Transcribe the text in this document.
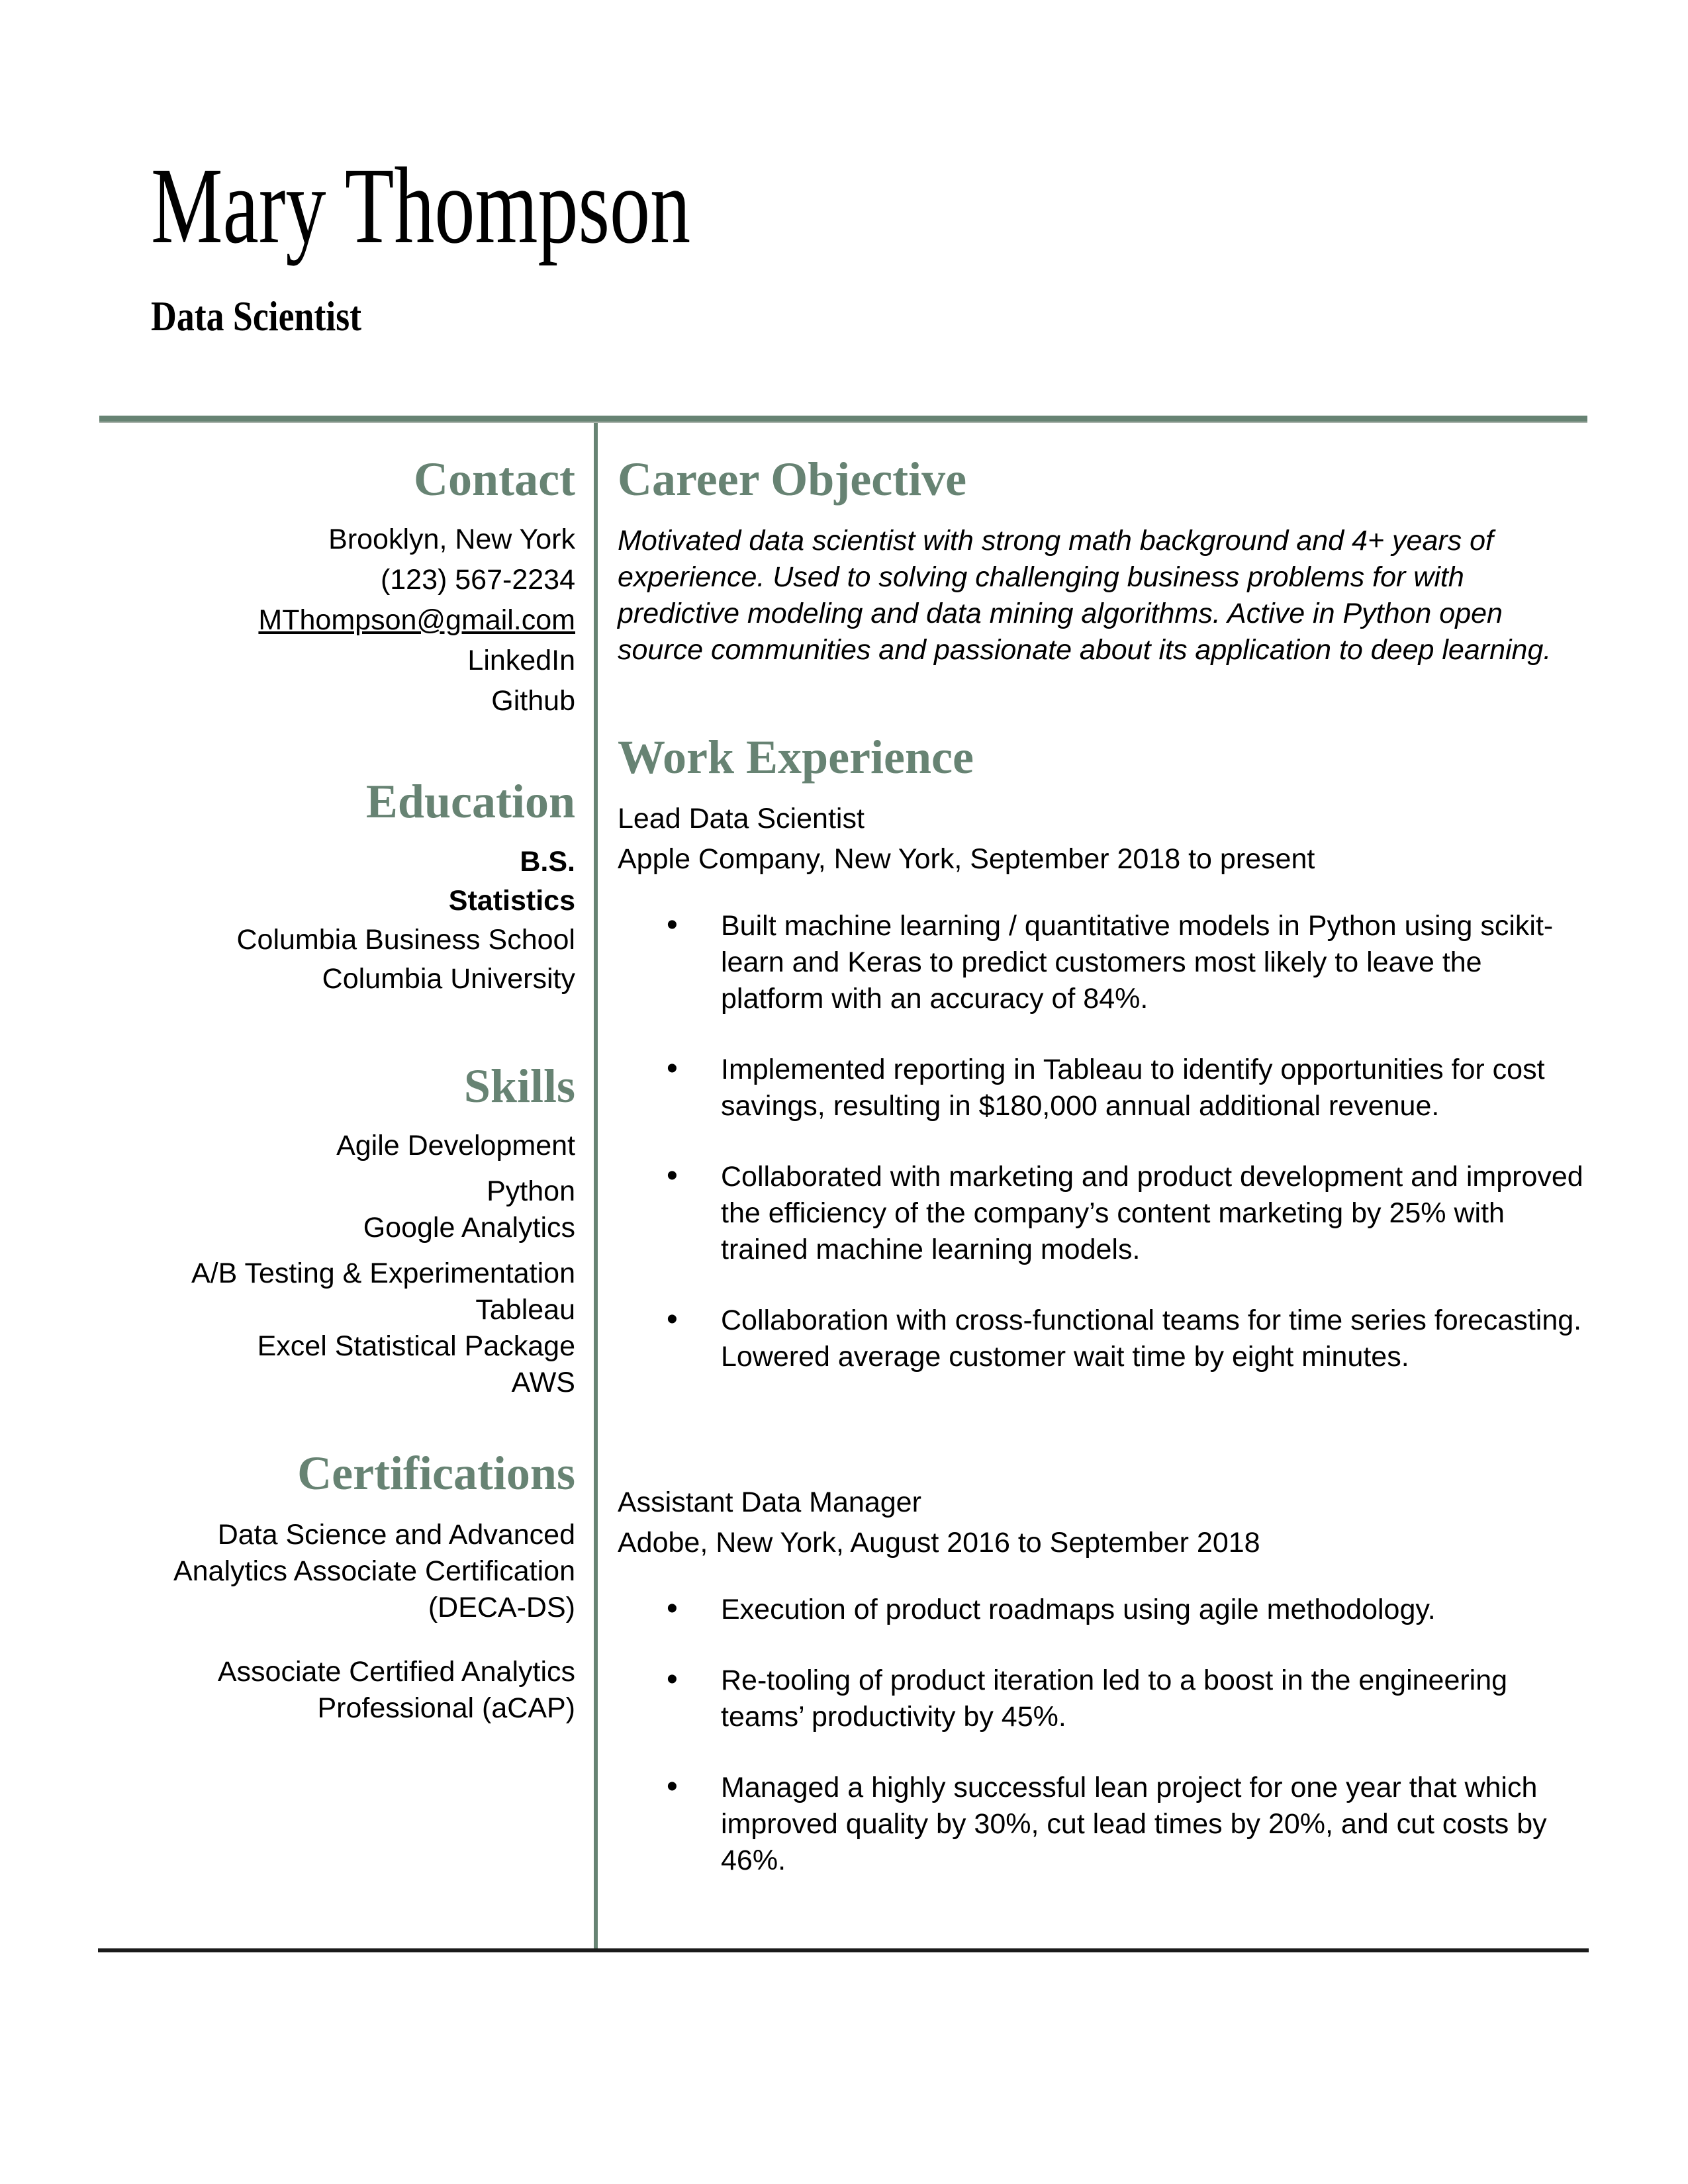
Mary Thompson
Data Scientist
Contact
Brooklyn, New York
(123) 567-2234
MThompson@gmail.com
LinkedIn
Github
Education
B.S.
Statistics
Columbia Business School
Columbia University
Skills
Agile Development
Python
Google Analytics
A/B Testing & Experimentation
Tableau
Excel Statistical Package
AWS
Certifications
Data Science and Advanced Analytics Associate Certification (DECA-DS)
Associate Certified Analytics Professional (aCAP)
Career Objective

Motivated data scientist with strong math background and 4+ years of experience. Used to solving challenging business problems for with predictive modeling and data mining algorithms. Active in Python open source communities and passionate about its application to deep learning.

Work Experience
Lead Data Scientist
Apple Company, New York, September 2018 to present
• Built machine learning / quantitative models in Python using scikit-learn and Keras to predict customers most likely to leave the platform with an accuracy of 84%.
• Implemented reporting in Tableau to identify opportunities for cost savings, resulting in $180,000 annual additional revenue.
• Collaborated with marketing and product development and improved the efficiency of the company’s content marketing by 25% with trained machine learning models.
• Collaboration with cross-functional teams for time series forecasting. Lowered average customer wait time by eight minutes.
Assistant Data Manager
Adobe, New York, August 2016 to September 2018
• Execution of product roadmaps using agile methodology.
• Re-tooling of product iteration led to a boost in the engineering teams’ productivity by 45%.
• Managed a highly successful lean project for one year that which improved quality by 30%, cut lead times by 20%, and cut costs by 46%.
